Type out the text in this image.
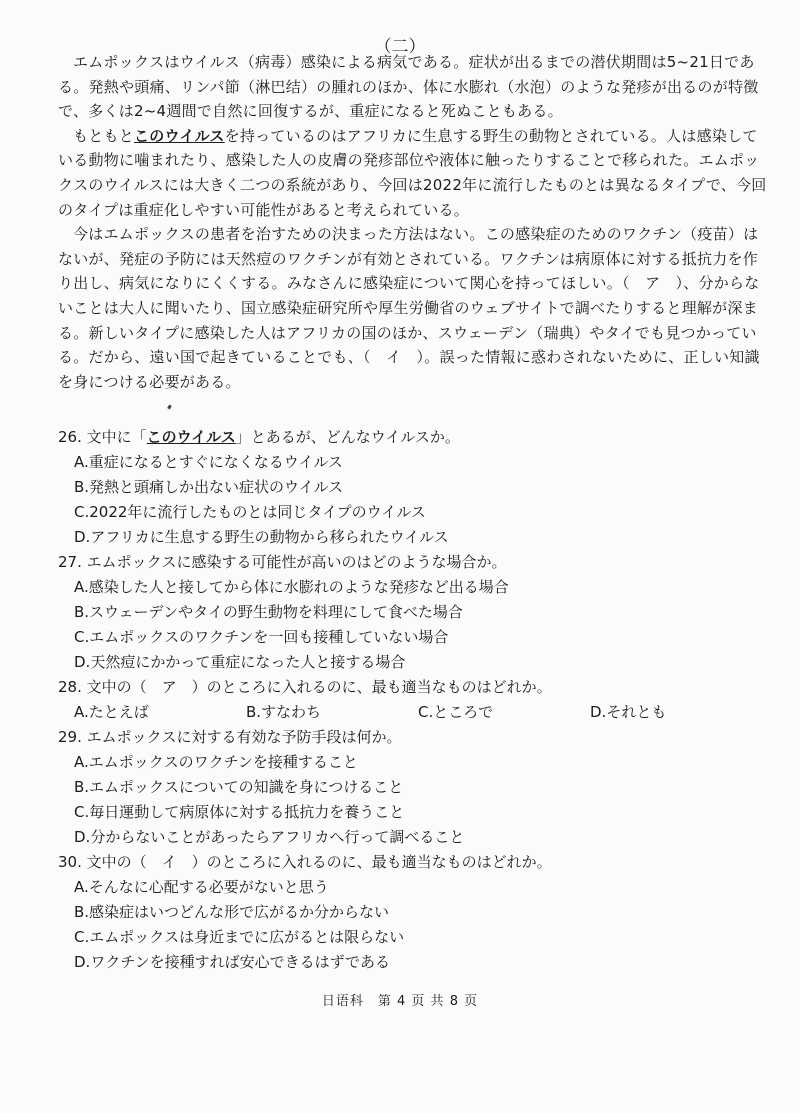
（二）

エムポックスはウイルス（病毒）感染による病気である。症状が出るまでの潜伏期間は5~21日である。発熱や頭痛、リンパ節（淋巴结）の腫れのほか、体に水膨れ（水泡）のような発疹が出るのが特徴で、多くは2~4週間で自然に回復するが、重症になると死ぬこともある。

もともとこのウイルスを持っているのはアフリカに生息する野生の動物とされている。人は感染している動物に噛まれたり、感染した人の皮膚の発疹部位や液体に触ったりすることで移られた。エムポックスのウイルスには大きく二つの系統があり、今回は2022年に流行したものとは異なるタイプで、今回のタイプは重症化しやすい可能性があると考えられている。

今はエムポックスの患者を治すための決まった方法はない。この感染症のためのワクチン（疫苗）はないが、発症の予防には天然痘のワクチンが有効とされている。ワクチンは病原体に対する抵抗力を作り出し、病気になりにくくする。みなさんに感染症について関心を持ってほしい。（　ア　）、分からないことは大人に聞いたり、国立感染症研究所や厚生労働省のウェブサイトで調べたりすると理解が深まる。新しいタイプに感染した人はアフリカの国のほか、スウェーデン（瑞典）やタイでも見つかっている。だから、遠い国で起きていることでも、（　イ　）。誤った情報に惑わされないために、正しい知識を身につける必要がある。

26. 文中に「このウイルス」とあるが、どんなウイルスか。

A.重症になるとすぐになくなるウイルス

B.発熱と頭痛しか出ない症状のウイルス

C.2022年に流行したものとは同じタイプのウイルス

D.アフリカに生息する野生の動物から移られたウイルス

27. エムポックスに感染する可能性が高いのはどのような場合か。

A.感染した人と接してから体に水膨れのような発疹など出る場合

B.スウェーデンやタイの野生動物を料理にして食べた場合

C.エムポックスのワクチンを一回も接種していない場合

D.天然痘にかかって重症になった人と接する場合

28. 文中の（　ア　）のところに入れるのに、最も適当なものはどれか。

A.たとえば	B.すなわち	C.ところで	D.それとも

29. エムポックスに対する有効な予防手段は何か。

A.エムポックスのワクチンを接種すること

B.エムポックスについての知識を身につけること

C.毎日運動して病原体に対する抵抗力を養うこと

D.分からないことがあったらアフリカへ行って調べること

30. 文中の（　イ　）のところに入れるのに、最も適当なものはどれか。

A.そんなに心配する必要がないと思う

B.感染症はいつどんな形で広がるか分からない

C.エムポックスは身近までに広がるとは限らない

D.ワクチンを接種すれば安心できるはずである

日语科　第 4 页 共 8 页
